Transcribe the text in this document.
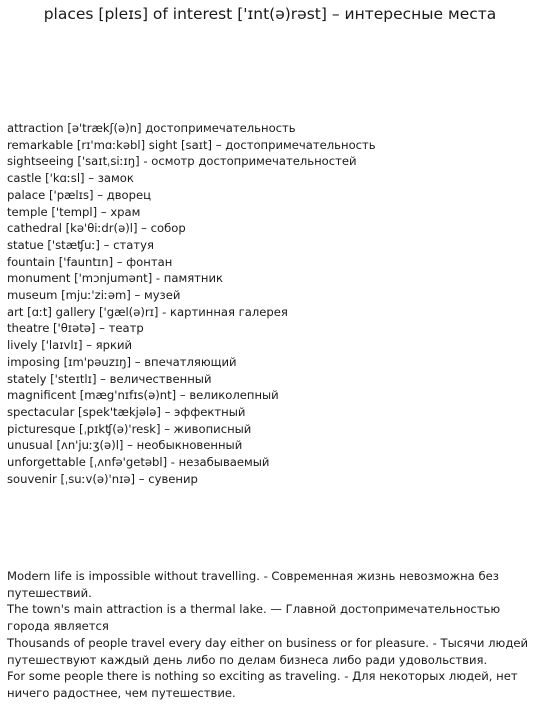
places [pleɪs] of interest ['ɪnt(ə)rəst] – интересные места
attraction [ə'trækʃ(ə)n] достопримечательность
remarkable [rɪ'mɑːkəbl] sight [saɪt] – достопримечательность
sightseeing ['saɪtˌsiːɪŋ] - осмотр достопримечательностей
castle ['kɑːsl] – замок
palace ['pælɪs] – дворец
temple ['templ] – храм
cathedral [kə'θiːdr(ə)l] – собор
statue ['stæʧuː] – статуя
fountain ['fauntɪn] – фонтан
monument ['mɔnjumənt] - памятник
museum [mjuː'ziːəm] – музей
art [ɑːt] gallery ['gæl(ə)rɪ] - картинная галерея
theatre ['θɪətə] – театр
lively ['laɪvlɪ] – яркий
imposing [ɪm'pəuzɪŋ] – впечатляющий
stately ['steɪtlɪ] – величественный
magnificent [mæg'nɪfɪs(ə)nt] – великолепный
spectacular [spek'tækjələ] – эффектный
picturesque [ˌpɪkʧ(ə)'resk] – живописный
unusual [ʌn'juːʒ(ə)l] – необыкновенный
unforgettable [ˌʌnfə'getəbl] - незабываемый
souvenir [ˌsuːv(ə)'nɪə] – сувенир

Modern life is impossible without travelling. - Современная жизнь невозможна без путешествий.

The town's main attraction is a thermal lake. — Главной достопримечательностью города является

Thousands of people travel every day either on business or for pleasure. - Тысячи людей путешествуют каждый день либо по делам бизнеса либо ради удовольствия.

For some people there is nothing so exciting as traveling. - Для некоторых людей, нет ничего радостнее, чем путешествие.
